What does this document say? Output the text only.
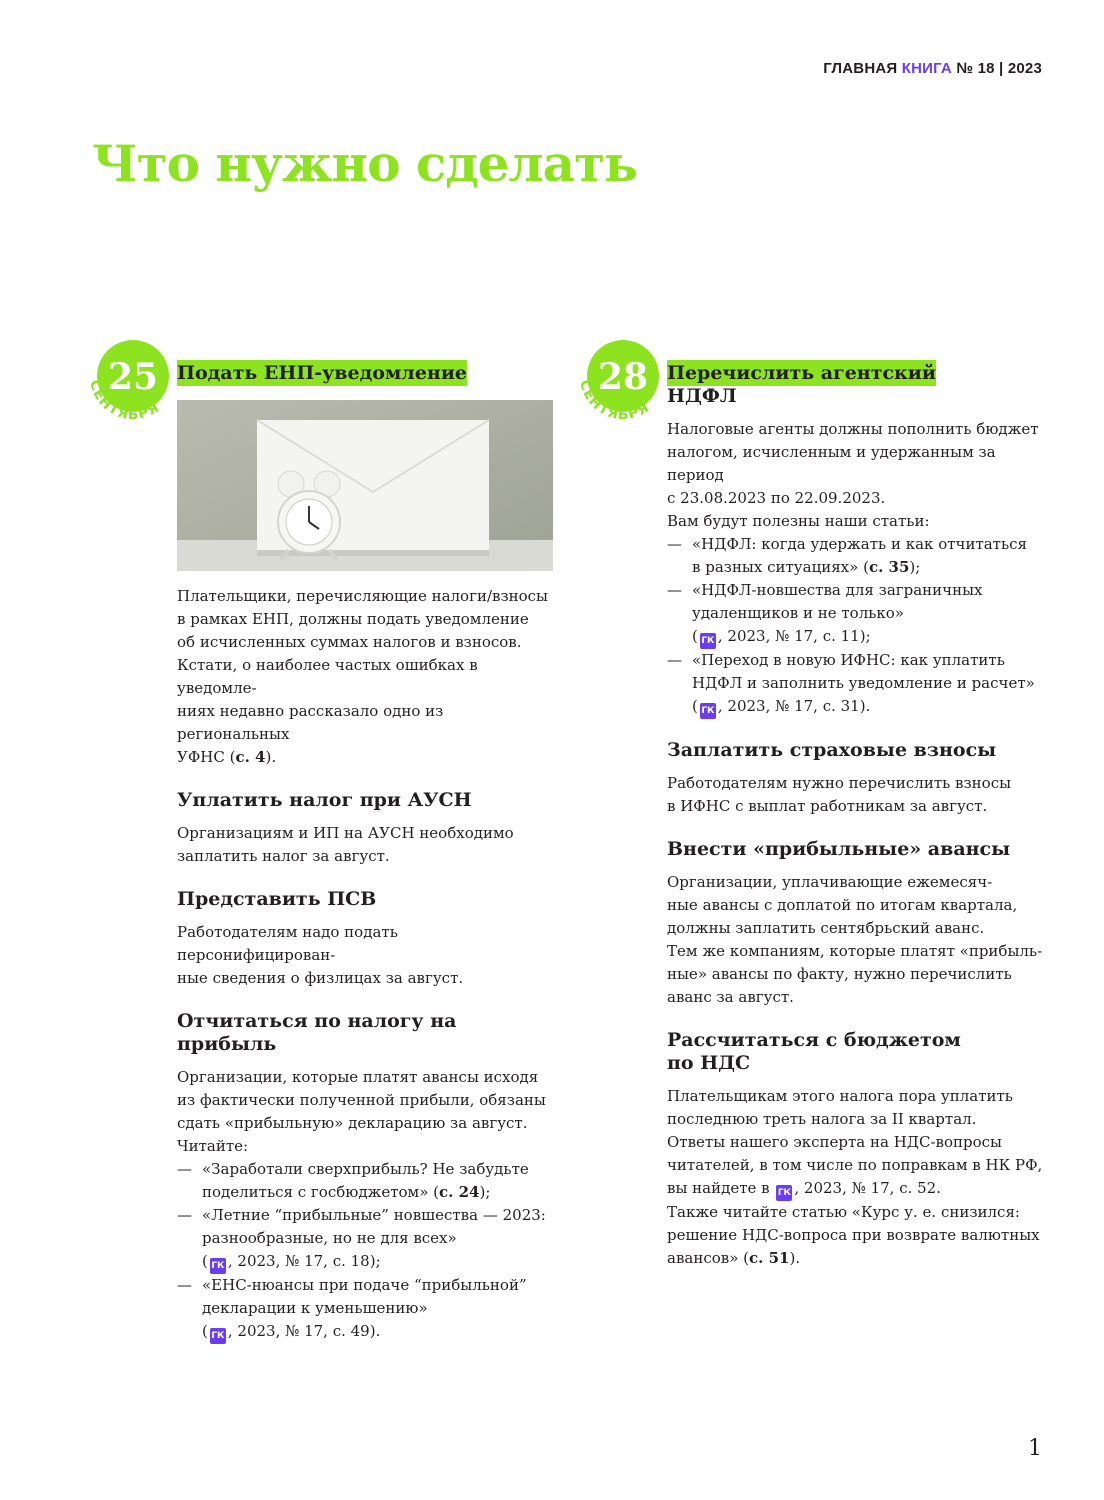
ГЛАВНАЯ КНИГА № 18 | 2023
Что нужно сделать
25
СЕНТЯБРЯ
28
СЕНТЯБРЯ
Подать ЕНП-уведомление

Плательщики, перечисляющие налоги/взносы

в рамках ЕНП, должны подать уведомление

об исчисленных суммах налогов и взносов.

Кстати, о наиболее частых ошибках в уведомле-

ниях недавно рассказало одно из региональных

УФНС (с. 4).

Уплатить налог при АУСН

Организациям и ИП на АУСН необходимо

заплатить налог за август.

Представить ПСВ

Работодателям надо подать персонифицирован-

ные сведения о физлицах за август.

Отчитаться по налогу на прибыль

Организации, которые платят авансы исходя

из фактически полученной прибыли, обязаны

сдать «прибыльную» декларацию за август.

Читайте:

— «Заработали сверхприбыль? Не забудьте
поделиться с госбюджетом» (с. 24);
— «Летние “прибыльные” новшества — 2023:
разнообразные, но не для всех»
( ГК , 2023, № 17, с. 18);
— «ЕНС-нюансы при подаче “прибыльной”
декларации к уменьшению»
( ГК , 2023, № 17, с. 49).
Перечислить агентский
НДФЛ

Налоговые агенты должны пополнить бюджет

налогом, исчисленным и удержанным за период

с 23.08.2023 по 22.09.2023.

Вам будут полезны наши статьи:

— «НДФЛ: когда удержать и как отчитаться
в разных ситуациях» (с. 35);
— «НДФЛ-новшества для заграничных
удаленщиков и не только»
( ГК , 2023, № 17, с. 11);
— «Переход в новую ИФНС: как уплатить
НДФЛ и заполнить уведомление и расчет»
( ГК , 2023, № 17, с. 31).
Заплатить страховые взносы

Работодателям нужно перечислить взносы

в ИФНС с выплат работникам за август.

Внести «прибыльные» авансы

Организации, уплачивающие ежемесяч-

ные авансы с доплатой по итогам квартала,

должны заплатить сентябрьский аванс.

Тем же компаниям, которые платят «прибыль-

ные» авансы по факту, нужно перечислить

аванс за август.

Рассчитаться с бюджетом
по НДС

Плательщикам этого налога пора уплатить

последнюю треть налога за II квартал.

Ответы нашего эксперта на НДС-вопросы

читателей, в том числе по поправкам в НК РФ,

вы найдете в ГК , 2023, № 17, с. 52.

Также читайте статью «Курс у. е. снизился:

решение НДС-вопроса при возврате валютных

авансов» (с. 51).

1
